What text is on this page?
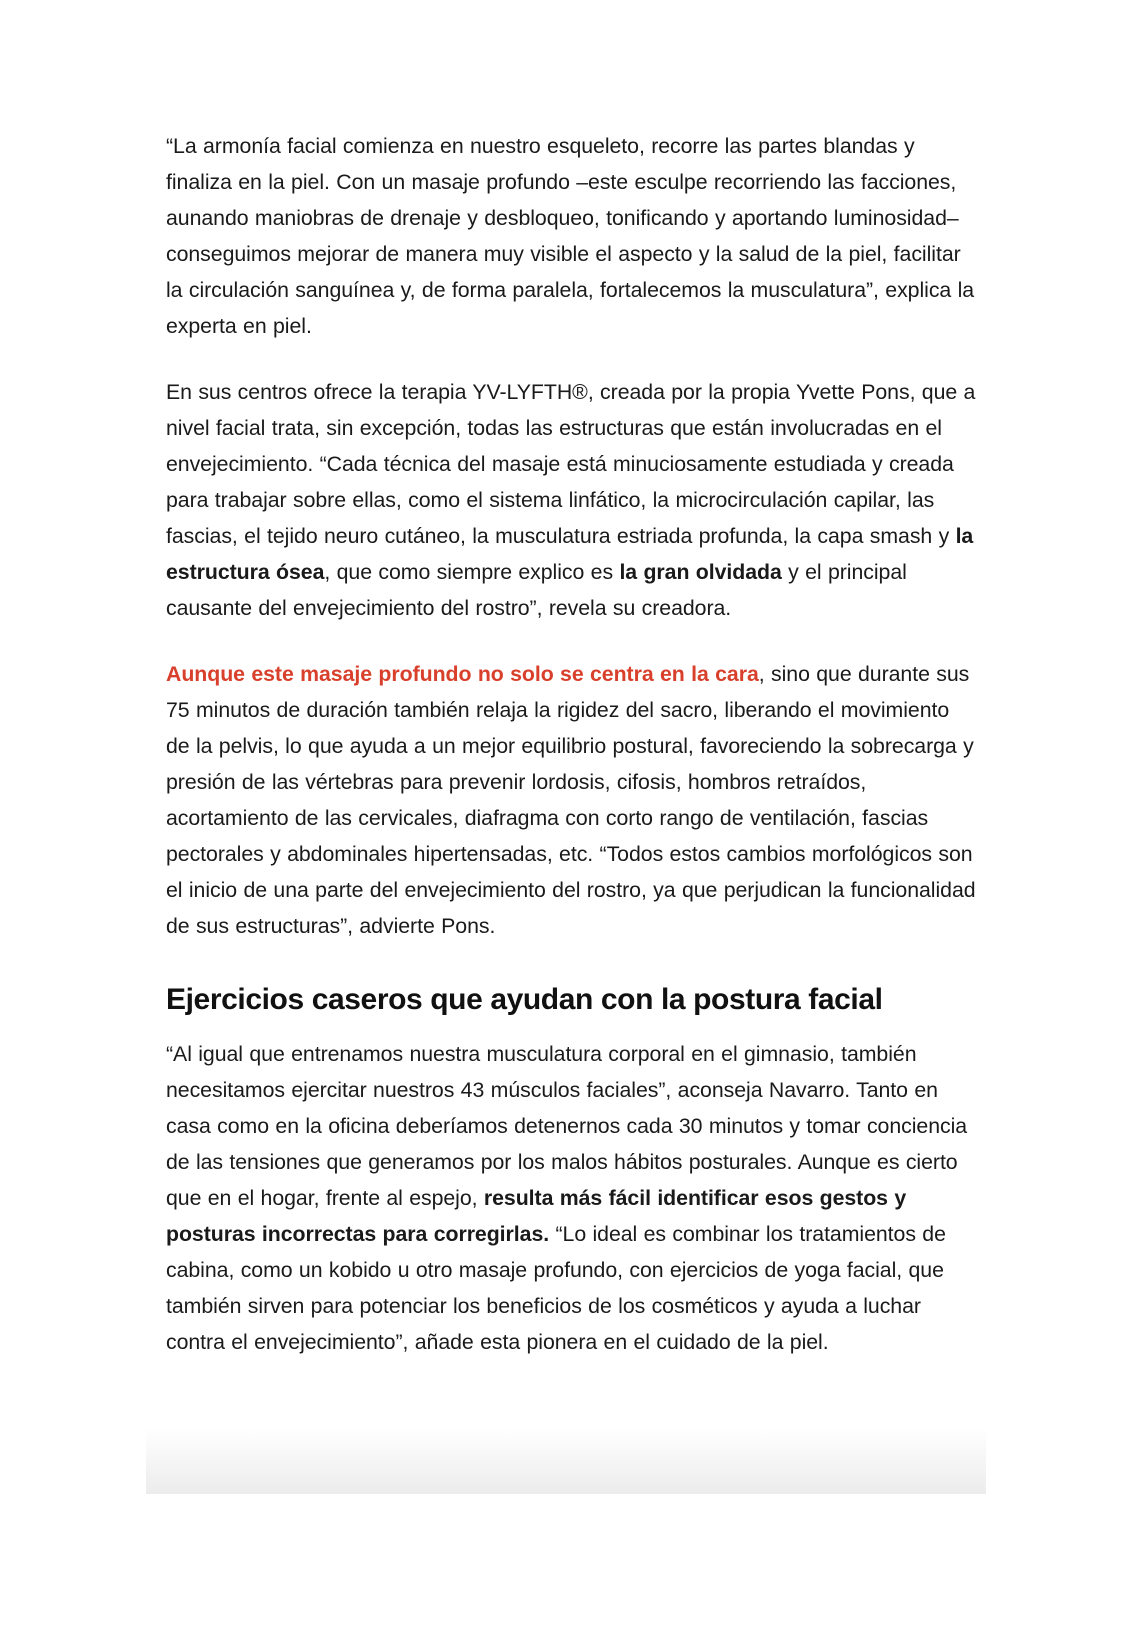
“La armonía facial comienza en nuestro esqueleto, recorre las partes blandas y finaliza en la piel. Con un masaje profundo –este esculpe recorriendo las facciones, aunando maniobras de drenaje y desbloqueo, tonificando y aportando luminosidad– conseguimos mejorar de manera muy visible el aspecto y la salud de la piel, facilitar la circulación sanguínea y, de forma paralela, fortalecemos la musculatura”, explica la experta en piel.

En sus centros ofrece la terapia YV-LYFTH®, creada por la propia Yvette Pons, que a nivel facial trata, sin excepción, todas las estructuras que están involucradas en el envejecimiento. “Cada técnica del masaje está minuciosamente estudiada y creada para trabajar sobre ellas, como el sistema linfático, la microcirculación capilar, las fascias, el tejido neuro cutáneo, la musculatura estriada profunda, la capa smash y la estructura ósea, que como siempre explico es la gran olvidada y el principal causante del envejecimiento del rostro”, revela su creadora.

Aunque este masaje profundo no solo se centra en la cara, sino que durante sus 75 minutos de duración también relaja la rigidez del sacro, liberando el movimiento de la pelvis, lo que ayuda a un mejor equilibrio postural, favoreciendo la sobrecarga y presión de las vértebras para prevenir lordosis, cifosis, hombros retraídos, acortamiento de las cervicales, diafragma con corto rango de ventilación, fascias pectorales y abdominales hipertensadas, etc. “Todos estos cambios morfológicos son el inicio de una parte del envejecimiento del rostro, ya que perjudican la funcionalidad de sus estructuras”, advierte Pons.

Ejercicios caseros que ayudan con la postura facial

“Al igual que entrenamos nuestra musculatura corporal en el gimnasio, también necesitamos ejercitar nuestros 43 músculos faciales”, aconseja Navarro. Tanto en casa como en la oficina deberíamos detenernos cada 30 minutos y tomar conciencia de las tensiones que generamos por los malos hábitos posturales. Aunque es cierto que en el hogar, frente al espejo, resulta más fácil identificar esos gestos y posturas incorrectas para corregirlas. “Lo ideal es combinar los tratamientos de cabina, como un kobido u otro masaje profundo, con ejercicios de yoga facial, que también sirven para potenciar los beneficios de los cosméticos y ayuda a luchar contra el envejecimiento”, añade esta pionera en el cuidado de la piel.
